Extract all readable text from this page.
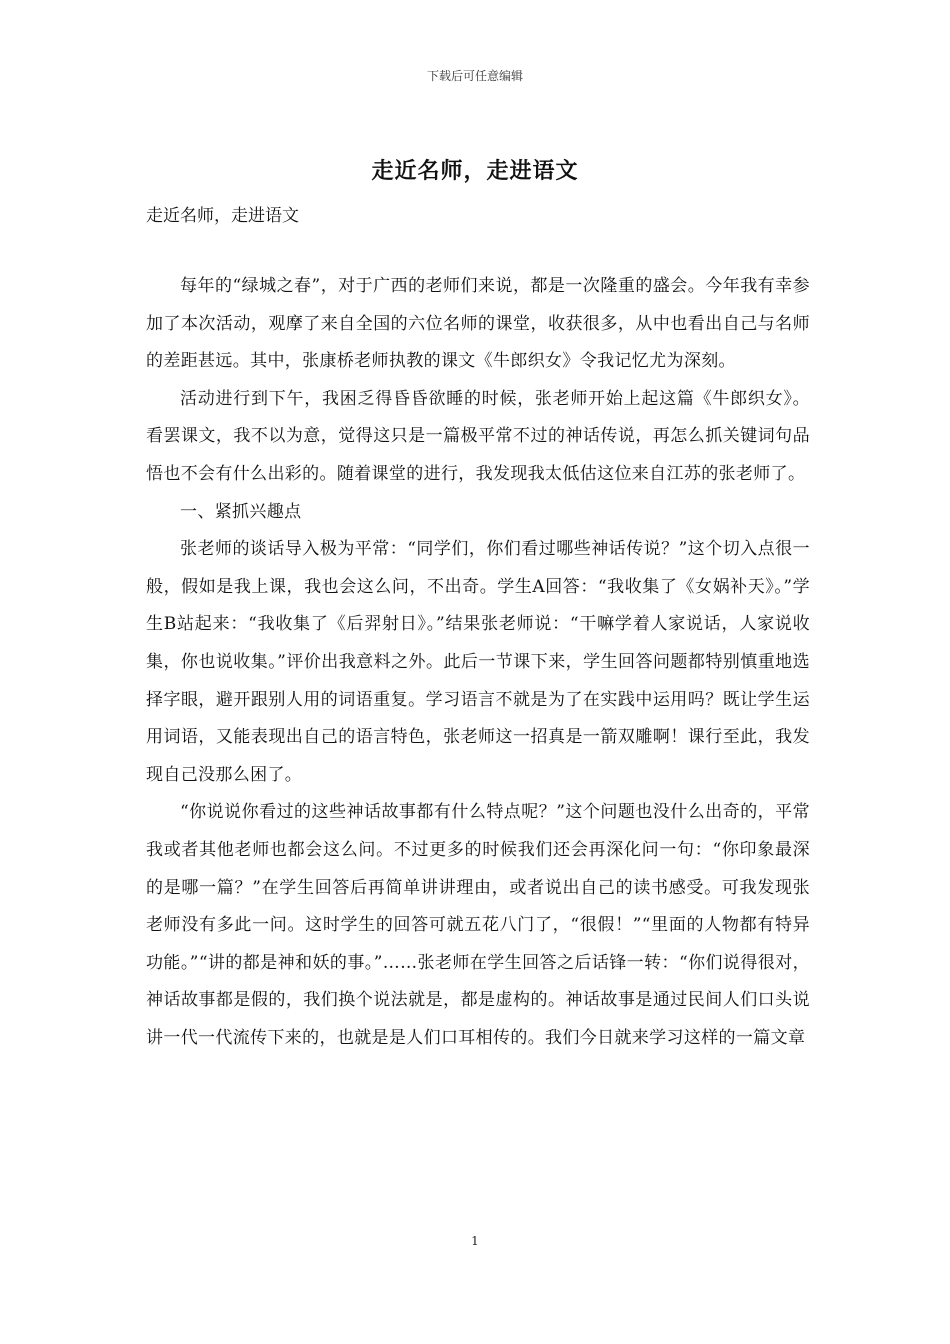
下载后可任意编辑
走近名师，走进语文
走近名师，走进语文

每年的“绿城之春”，对于广西的老师们来说，都是一次隆重的盛会。今年我有幸参加了本次活动，观摩了来自全国的六位名师的课堂，收获很多，从中也看出自己与名师的差距甚远。其中，张康桥老师执教的课文《牛郎织女》令我记忆尤为深刻。

活动进行到下午，我困乏得昏昏欲睡的时候，张老师开始上起这篇《牛郎织女》。看罢课文，我不以为意，觉得这只是一篇极平常不过的神话传说，再怎么抓关键词句品悟也不会有什么出彩的。随着课堂的进行，我发现我太低估这位来自江苏的张老师了。

一、紧抓兴趣点

张老师的谈话导入极为平常：“同学们，你们看过哪些神话传说？”这个切入点很一般，假如是我上课，我也会这么问，不出奇。学生A回答：“我收集了《女娲补天》。”学生B站起来：“我收集了《后羿射日》。”结果张老师说：“干嘛学着人家说话，人家说收集，你也说收集。”评价出我意料之外。此后一节课下来，学生回答问题都特别慎重地选择字眼，避开跟别人用的词语重复。学习语言不就是为了在实践中运用吗？既让学生运用词语，又能表现出自己的语言特色，张老师这一招真是一箭双雕啊！课行至此，我发现自己没那么困了。

“你说说你看过的这些神话故事都有什么特点呢？”这个问题也没什么出奇的，平常我或者其他老师也都会这么问。不过更多的时候我们还会再深化问一句：“你印象最深的是哪一篇？”在学生回答后再简单讲讲理由，或者说出自己的读书感受。可我发现张老师没有多此一问。这时学生的回答可就五花八门了，“很假！”“里面的人物都有特异功能。”“讲的都是神和妖的事。”……张老师在学生回答之后话锋一转：“你们说得很对，神话故事都是假的，我们换个说法就是，都是虚构的。神话故事是通过民间人们口头说讲一代一代流传下来的，也就是是人们口耳相传的。我们今日就来学习这样的一篇文章

1
